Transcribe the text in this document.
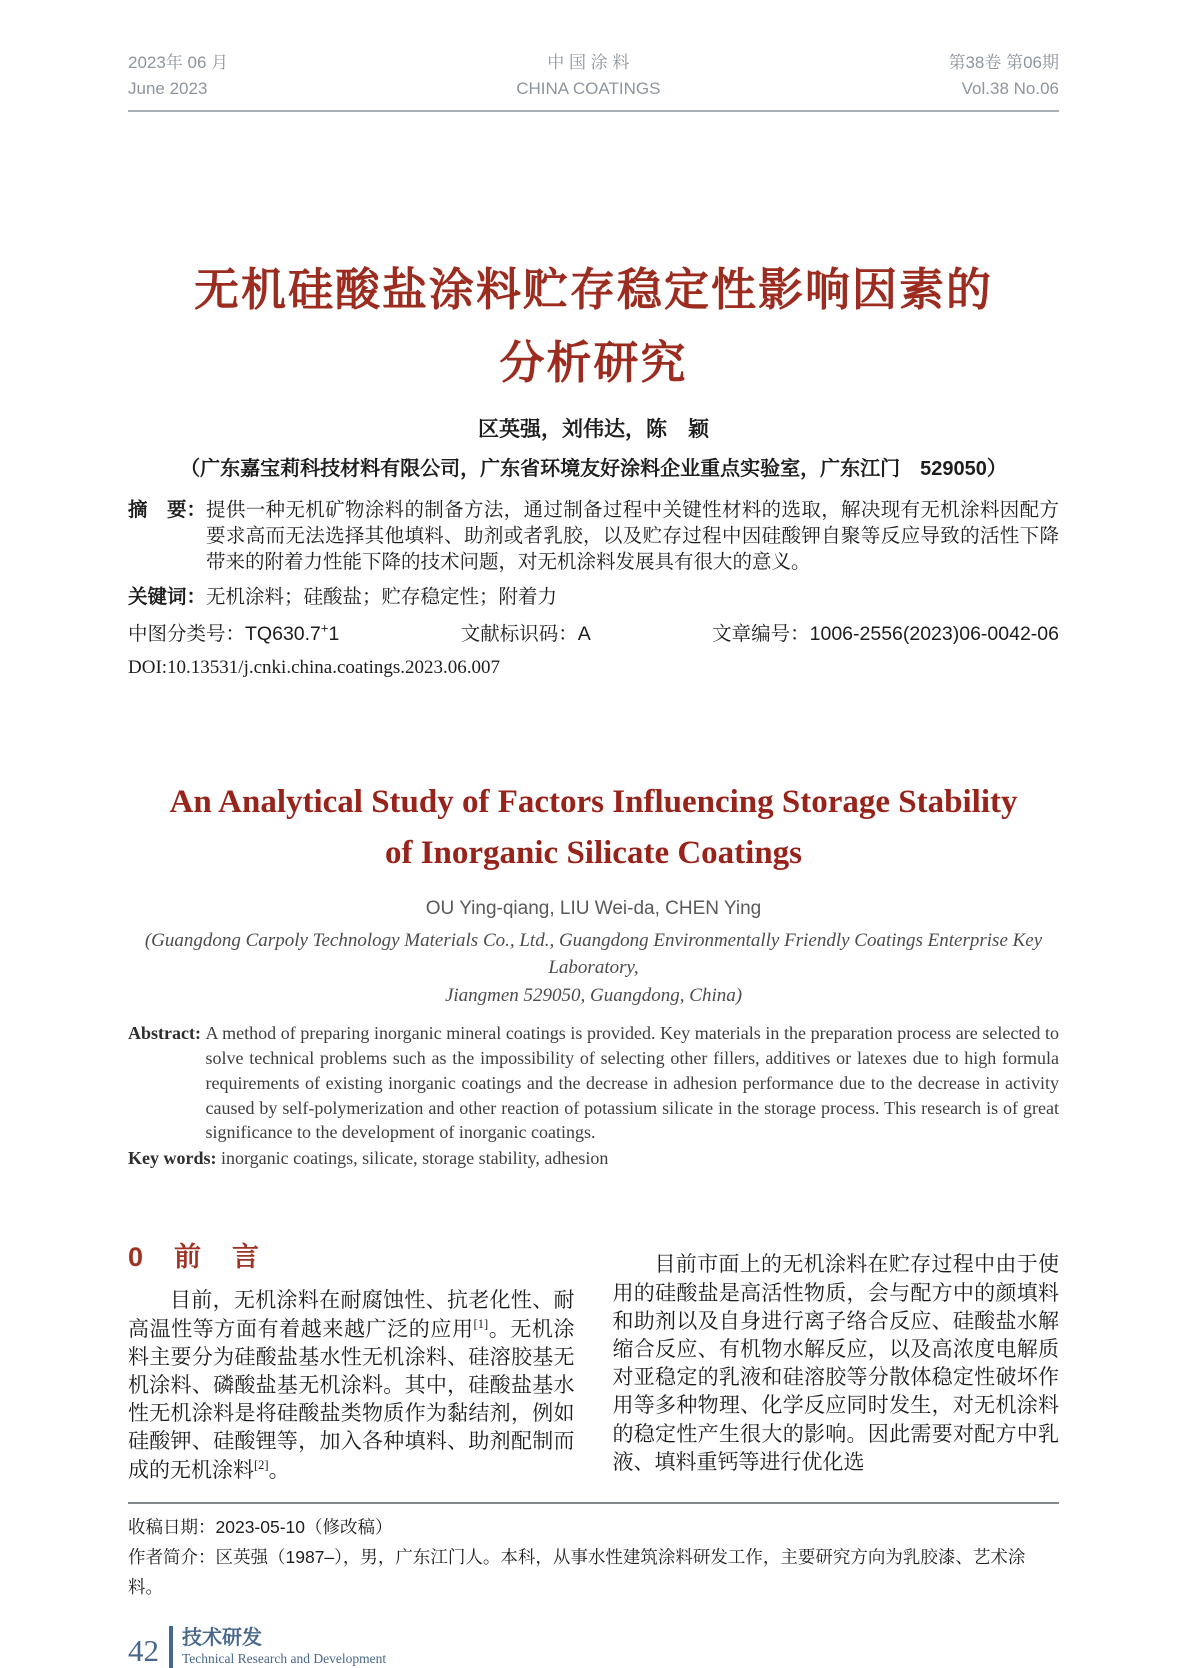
2023年 06 月
June 2023
中 国 涂 料
CHINA COATINGS
第38卷 第06期
Vol.38 No.06
无机硅酸盐涂料贮存稳定性影响因素的
分析研究
区英强，刘伟达，陈　颖
（广东嘉宝莉科技材料有限公司，广东省环境友好涂料企业重点实验室，广东江门　529050）
摘　要： 提供一种无机矿物涂料的制备方法，通过制备过程中关键性材料的选取，解决现有无机涂料因配方要求高而无法选择其他填料、助剂或者乳胶，以及贮存过程中因硅酸钾自聚等反应导致的活性下降带来的附着力性能下降的技术问题，对无机涂料发展具有很大的意义。
关键词：无机涂料；硅酸盐；贮存稳定性；附着力
中图分类号：TQ630.7+1	文献标识码：A	文章编号：1006-2556(2023)06-0042-06
DOI:10.13531/j.cnki.china.coatings.2023.06.007
An Analytical Study of Factors Influencing Storage Stability
of Inorganic Silicate Coatings
OU Ying-qiang, LIU Wei-da, CHEN Ying
(Guangdong Carpoly Technology Materials Co., Ltd., Guangdong Environmentally Friendly Coatings Enterprise Key Laboratory,
Jiangmen 529050, Guangdong, China)
Abstract:
A method of preparing inorganic mineral coatings is provided. Key materials in the preparation process are selected to solve technical problems such as the impossibility of selecting other fillers, additives or latexes due to high formula requirements of existing inorganic coatings and the decrease in adhesion performance due to the decrease in activity caused by self-polymerization and other reaction of potassium silicate in the storage process. This research is of great significance to the development of inorganic coatings.
Key words: inorganic coatings, silicate, storage stability, adhesion
0　前　言
目前，无机涂料在耐腐蚀性、抗老化性、耐高温性等方面有着越来越广泛的应用[1]。无机涂料主要分为硅酸盐基水性无机涂料、硅溶胶基无机涂料、磷酸盐基无机涂料。其中，硅酸盐基水性无机涂料是将硅酸盐类物质作为黏结剂，例如硅酸钾、硅酸锂等，加入各种填料、助剂配制而成的无机涂料[2]。
目前市面上的无机涂料在贮存过程中由于使用的硅酸盐是高活性物质，会与配方中的颜填料和助剂以及自身进行离子络合反应、硅酸盐水解缩合反应、有机物水解反应，以及高浓度电解质对亚稳定的乳液和硅溶胶等分散体稳定性破坏作用等多种物理、化学反应同时发生，对无机涂料的稳定性产生很大的影响。因此需要对配方中乳液、填料重钙等进行优化选
收稿日期：2023-05-10（修改稿）
作者简介：区英强（1987–），男，广东江门人。本科，从事水性建筑涂料研发工作，主要研究方向为乳胶漆、艺术涂料。
42	技术研发
Technical Research and Development
